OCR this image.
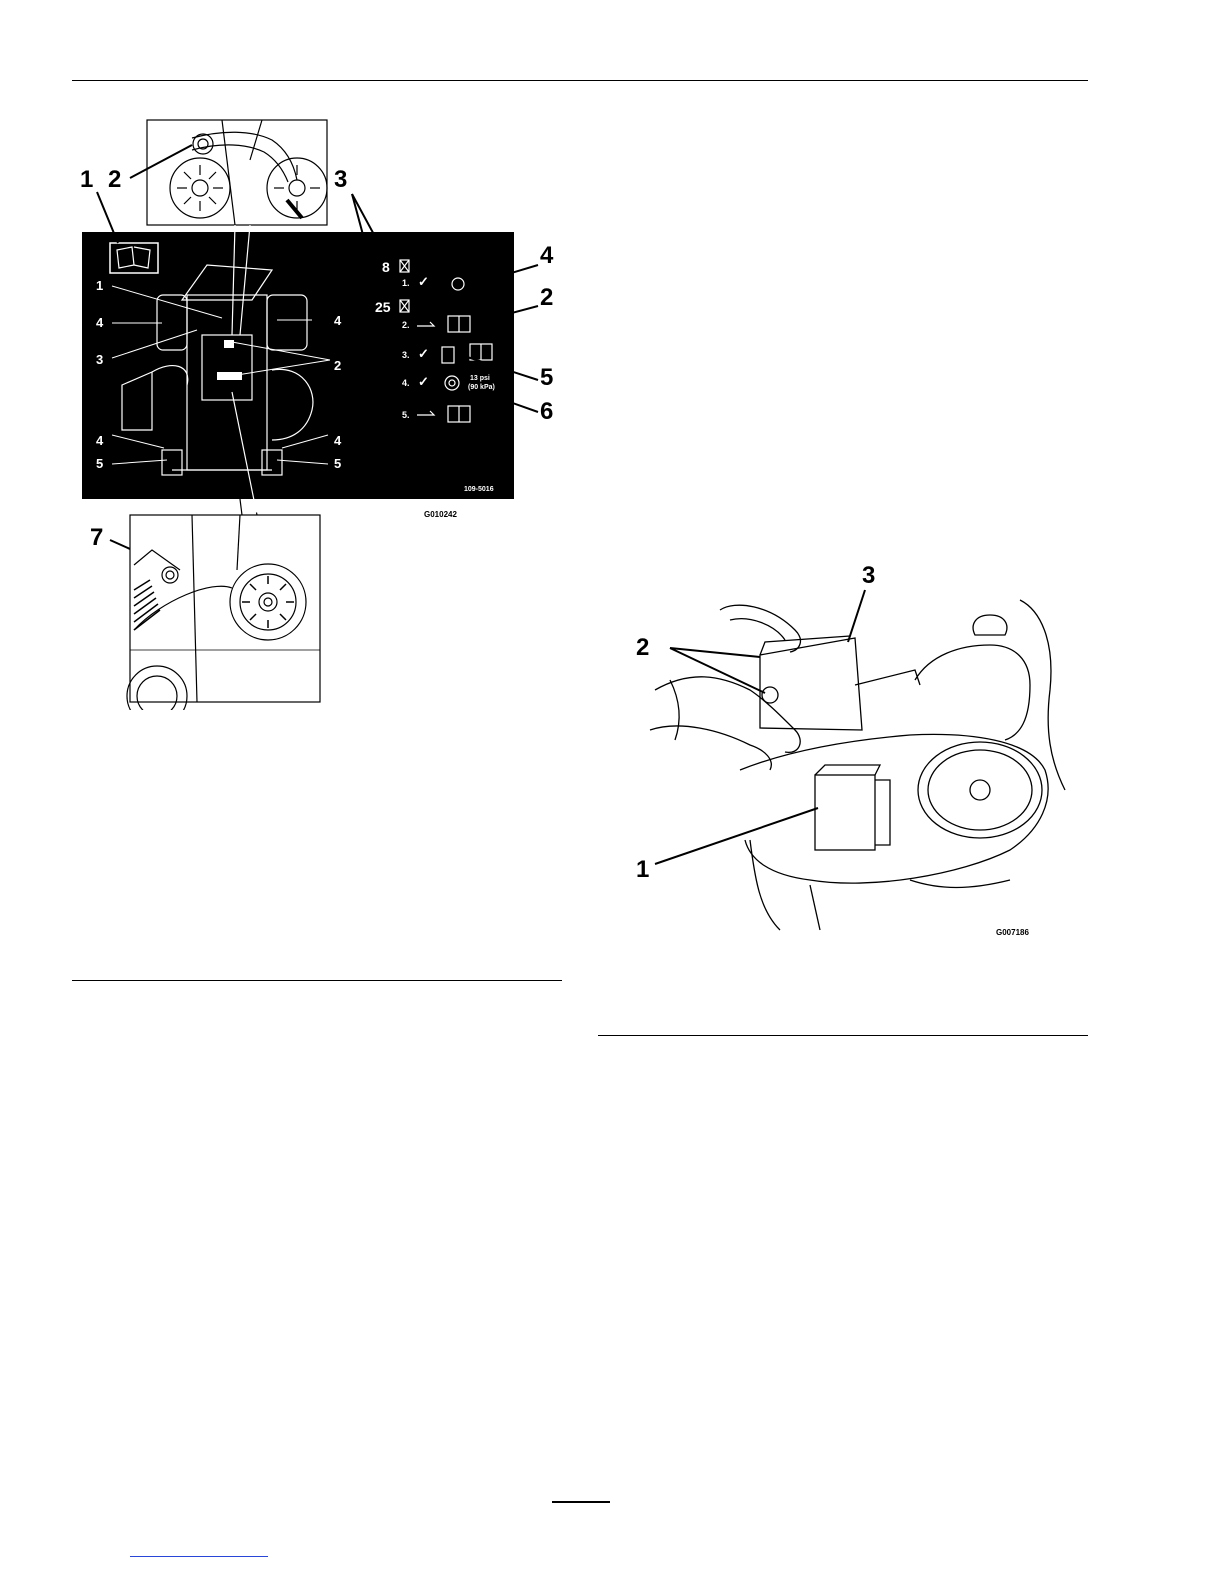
1 2	3
4
2
5
6
7
1
4
3
4
5
4
2
4
5
8
25
1. ✓
2.
3. ✓
4. ✓	13 psi
(90 kPa)
5.
109-5016
G010242
3
2
1
G007186
